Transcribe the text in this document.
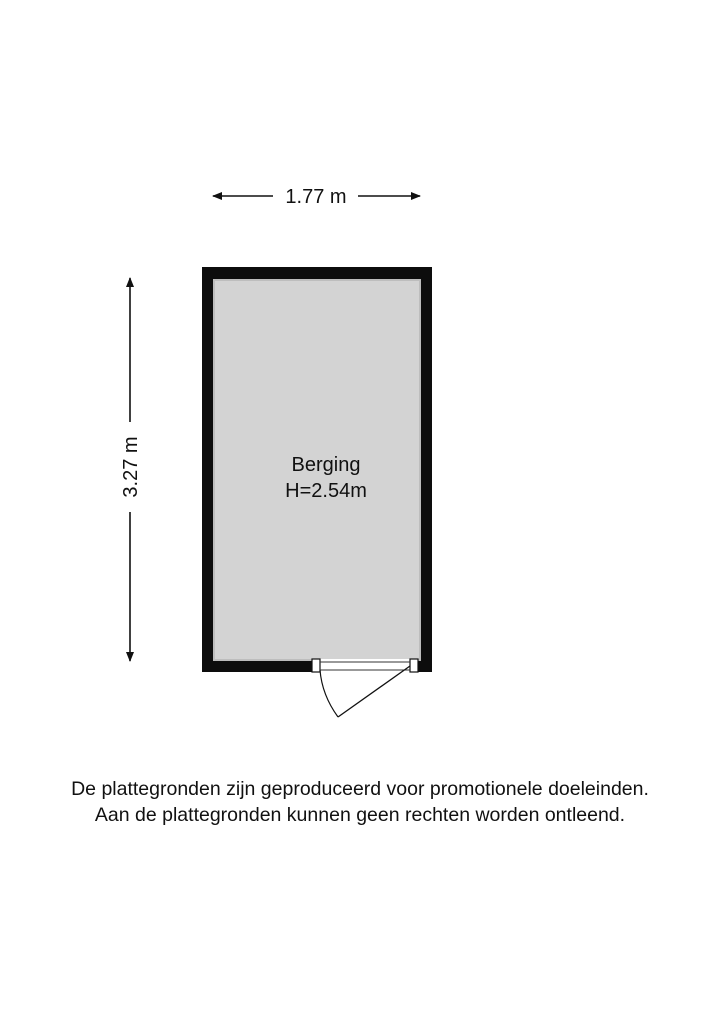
1.77 m
3.27 m	Berging
H=2.54m
De plattegronden zijn geproduceerd voor promotionele doeleinden.
Aan de plattegronden kunnen geen rechten worden ontleend.
